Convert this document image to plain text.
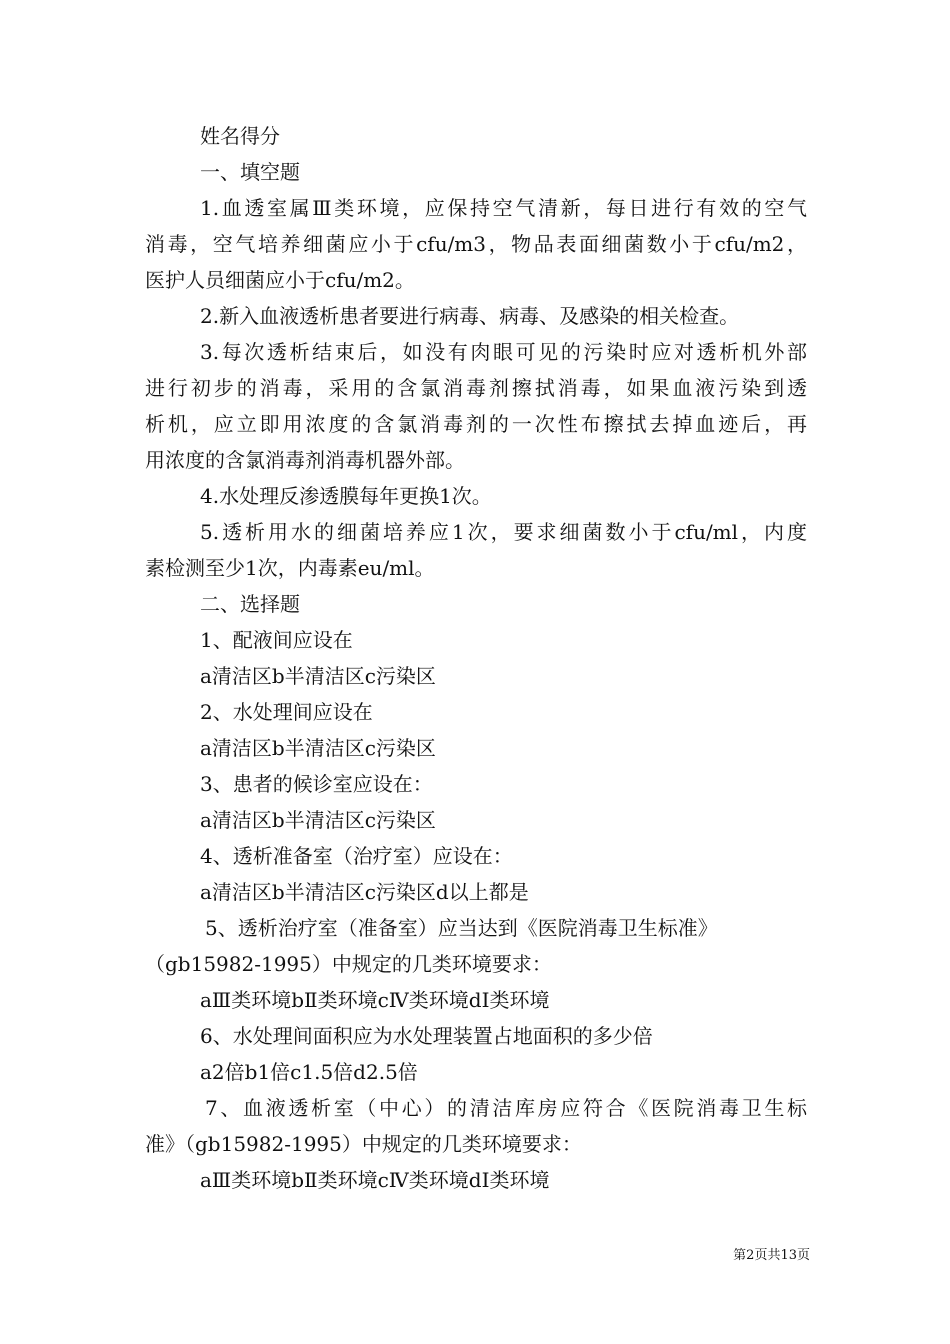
姓名得分
一、填空题
1.血透室属Ⅲ类环境，应保持空气清新，每日进行有效的空气
消毒，空气培养细菌应小于cfu/m3，物品表面细菌数小于cfu/m2，
医护人员细菌应小于cfu/m2。
2.新入血液透析患者要进行病毒、病毒、及感染的相关检查。
3.每次透析结束后，如没有肉眼可见的污染时应对透析机外部
进行初步的消毒，采用的含氯消毒剂擦拭消毒，如果血液污染到透
析机，应立即用浓度的含氯消毒剂的一次性布擦拭去掉血迹后，再
用浓度的含氯消毒剂消毒机器外部。
4.水处理反渗透膜每年更换1次。
5.透析用水的细菌培养应1次，要求细菌数小于cfu/ml，内度
素检测至少1次，内毒素eu/ml。
二、选择题
1、配液间应设在
a清洁区b半清洁区c污染区
2、水处理间应设在
a清洁区b半清洁区c污染区
3、患者的候诊室应设在：
a清洁区b半清洁区c污染区
4、透析准备室（治疗室）应设在：
a清洁区b半清洁区c污染区d以上都是
5、透析治疗室（准备室）应当达到《医院消毒卫生标准》
（gb15982-1995）中规定的几类环境要求：
aⅢ类环境bⅡ类环境cⅣ类环境dⅠ类环境
6、水处理间面积应为水处理装置占地面积的多少倍
a2倍b1倍c1.5倍d2.5倍
7、血液透析室（中心）的清洁库房应符合《医院消毒卫生标
准》（gb15982-1995）中规定的几类环境要求：
aⅢ类环境bⅡ类环境cⅣ类环境dⅠ类环境
第2页共13页
